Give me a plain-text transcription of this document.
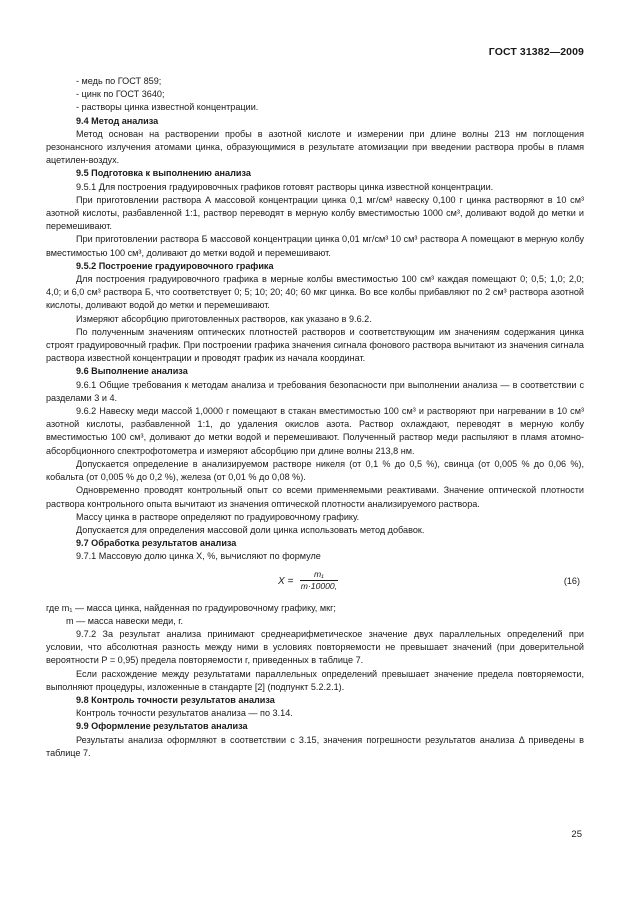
ГОСТ 31382—2009

- медь по ГОСТ 859;

- цинк по ГОСТ 3640;

- растворы цинка известной концентрации.

9.4 Метод анализа

Метод основан на растворении пробы в азотной кислоте и измерении при длине волны 213 нм поглощения резонансного излучения атомами цинка, образующимися в результате атомизации при введении раствора пробы в пламя ацетилен-воздух.

9.5 Подготовка к выполнению анализа

9.5.1 Для построения градуировочных графиков готовят растворы цинка известной концентрации.

При приготовлении раствора А массовой концентрации цинка 0,1 мг/см³ навеску 0,100 г цинка растворяют в 10 см³ азотной кислоты, разбавленной 1:1, раствор переводят в мерную колбу вместимостью 1000 см³, доливают водой до метки и перемешивают.

При приготовлении раствора Б массовой концентрации цинка 0,01 мг/см³ 10 см³ раствора А помещают в мерную колбу вместимостью 100 см³, доливают до метки водой и перемешивают.

9.5.2 Построение градуировочного графика

Для построения градуировочного графика в мерные колбы вместимостью 100 см³ каждая помещают 0; 0,5; 1,0; 2,0; 4,0; и 6,0 см³ раствора Б, что соответствует 0; 5; 10; 20; 40; 60 мкг цинка. Во все колбы прибавляют по 2 см³ раствора азотной кислоты, доливают водой до метки и перемешивают.

Измеряют абсорбцию приготовленных растворов, как указано в 9.6.2.

По полученным значениям оптических плотностей растворов и соответствующим им значениям содержания цинка строят градуировочный график. При построении графика значения сигнала фонового раствора вычитают из значения сигнала раствора известной концентрации и проводят график из начала координат.

9.6 Выполнение анализа

9.6.1 Общие требования к методам анализа и требования безопасности при выполнении анализа — в соответствии с разделами 3 и 4.

9.6.2 Навеску меди массой 1,0000 г помещают в стакан вместимостью 100 см³ и растворяют при нагревании в 10 см³ азотной кислоты, разбавленной 1:1, до удаления окислов азота. Раствор охлаждают, переводят в мерную колбу вместимостью 100 см³, доливают до метки водой и перемешивают. Полученный раствор меди распыляют в пламя атомно-абсорбционного спектрофотометра и измеряют абсорбцию при длине волны 213,8 нм.

Допускается определение в анализируемом растворе никеля (от 0,1 % до 0,5 %), свинца (от 0,005 % до 0,06 %), кобальта (от 0,005 % до 0,2 %), железа (от 0,01 % до 0,08 %).

Одновременно проводят контрольный опыт со всеми применяемыми реактивами. Значение оптической плотности раствора контрольного опыта вычитают из значения оптической плотности анализируемого раствора.

Массу цинка в растворе определяют по градуировочному графику.

Допускается для определения массовой доли цинка использовать метод добавок.

9.7 Обработка результатов анализа

9.7.1 Массовую долю цинка X, %, вычисляют по формуле

$X = \frac{\text{m₁}}{m\cdot 10000,}$	(16)

где m₁ — масса цинка, найденная по градуировочному графику, мкг;

m — масса навески меди, г.

9.7.2 За результат анализа принимают среднеарифметическое значение двух параллельных определений при условии, что абсолютная разность между ними в условиях повторяемости не превышает значений (при доверительной вероятности P = 0,95) предела повторяемости r, приведенных в таблице 7.

Если расхождение между результатами параллельных определений превышает значение предела повторяемости, выполняют процедуры, изложенные в стандарте [2] (подпункт 5.2.2.1).

9.8 Контроль точности результатов анализа

Контроль точности результатов анализа — по 3.14.

9.9 Оформление результатов анализа

Результаты анализа оформляют в соответствии с 3.15, значения погрешности результатов анализа Δ приведены в таблице 7.

25
